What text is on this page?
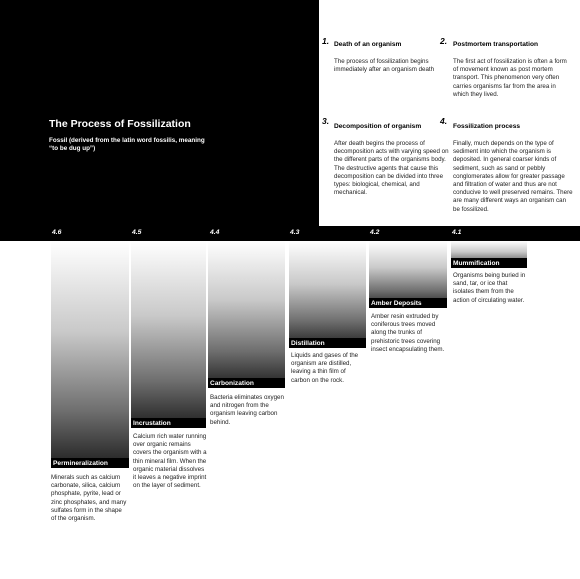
The Process of Fossilization
Fossil (derived from the latin word fossilis, meaning “to be dug up”)
1. Death of an organism
The process of fossilization begins immediately after an organism death
2. Postmortem transportation
The first act of fossilization is often a form of movement known as post mortem transport. This phenomenon very often carries organisms far from the area in which they lived.
3.
Decomposition of organism
After death begins the process of decomposition acts with varying speed on the different parts of the organisms body. The destructive agents that cause this decomposition can be divided into three types: biological, chemical, and mechanical.
4.
Fossilization process
Finally, much depends on the type of sediment into which the organism is deposited. In general coarser kinds of sediment, such as sand or pebbly conglomerates allow for greater passage and filtration of water and thus are not conducive to well preserved remains. There are many different ways an organism can be fossilized.
4.6	4.5	4.4	4.3	4.2	4.1
Permineralization
Minerals such as calcium carbonate, silica, calcium phosphate, pyrite, lead or zinc phosphates, and many sulfates form in the shape of the organism.
Incrustation
Calcium rich water running over organic remains covers the organism with a thin mineral film. When the organic material dissolves it leaves a negative imprint on the layer of sediment.
Carbonization
Bacteria eliminates oxygen and nitrogen from the organism leaving carbon behind.
Distillation
Liquids and gases of the organism are distilled, leaving a thin film of carbon on the rock.
Amber Deposits
Amber resin extruded by coniferous trees moved along the trunks of prehistoric trees covering insect encapsulating them.
Mummification
Organisms being buried in sand, tar, or ice that isolates them from the action of circulating water.
